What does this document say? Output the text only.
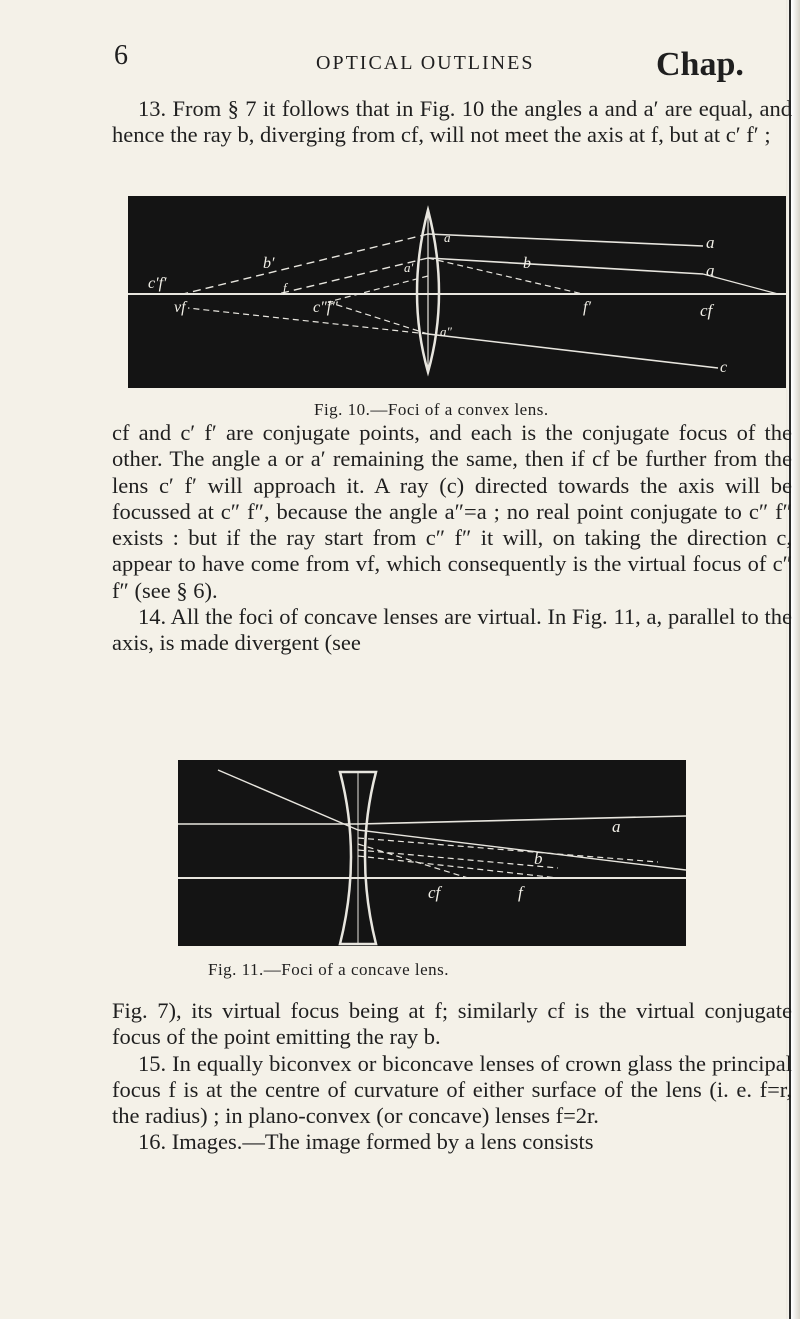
6	OPTICAL OUTLINES	Chap.

13. From § 7 it follows that in Fig. 10 the angles a and a′ are equal, and hence the ray b, diverging from cf, will not meet the axis at f, but at c′ f′ ;

a
a
cf
c
c′f′
b′	b
vf	c″f″	f′
a
a′
a″
f
Fig. 10.—Foci of a convex lens.

cf and c′ f′ are conjugate points, and each is the conjugate focus of the other. The angle a or a′ remaining the same, then if cf be further from the lens c′ f′ will approach it. A ray (c) directed towards the axis will be focussed at c″ f″, because the angle a″=a ; no real point conjugate to c″ f″ exists : but if the ray start from c″ f″ it will, on taking the direction c, appear to have come from vf, which consequently is the virtual focus of c″ f″ (see § 6).

14. All the foci of concave lenses are virtual. In Fig. 11, a, parallel to the axis, is made divergent (see

a
b
cf	f
Fig. 11.—Foci of a concave lens.

Fig. 7), its virtual focus being at f; similarly cf is the virtual conjugate focus of the point emitting the ray b.

15. In equally biconvex or biconcave lenses of crown glass the principal focus f is at the centre of curvature of either surface of the lens (i. e. f=r, the radius) ; in plano-convex (or concave) lenses f=2r.

16. Images.—The image formed by a lens consists
